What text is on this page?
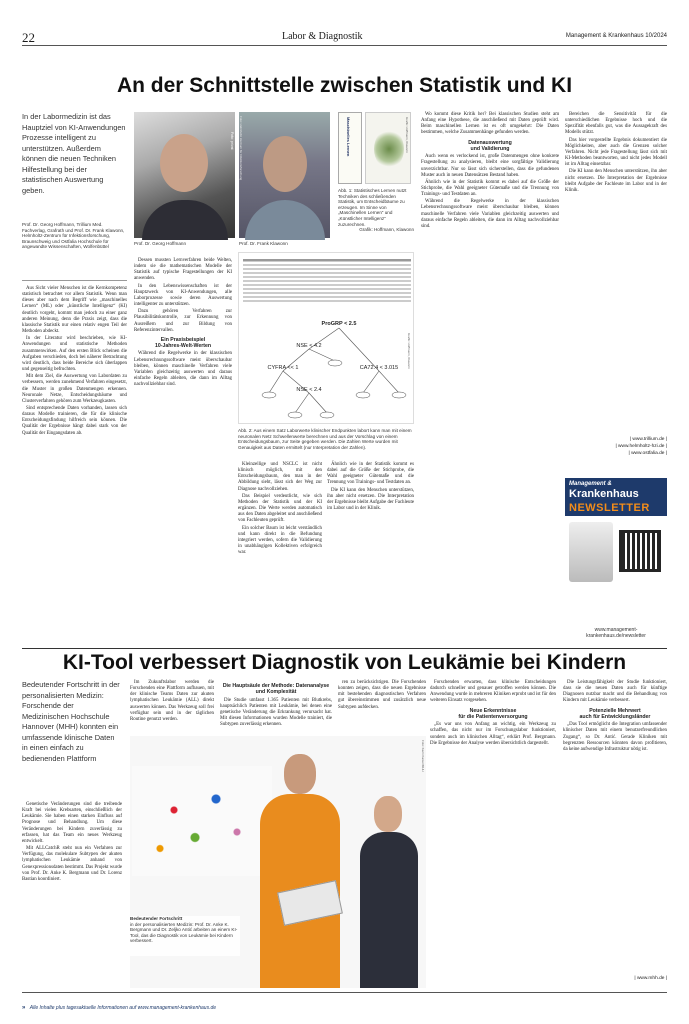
22	Labor & Diagnostik	Management & Krankenhaus 10/2024
An der Schnittstelle zwischen Statistik und KI
In der Labormedizin ist das Hauptziel von KI-Anwendungen Prozesse intelligent zu unterstützen. Außerdem können die neuen Techniken Hilfestellung bei der statistischen Auswertung geben.
Prof. Dr. Georg Hoffmann, Trillium Med. Fachverlag, Grafrath und Prof. Dr. Frank Klawonn, Helmholtz-Zentrum für Infektionsforschung, Braunschweig und Ostfalia Hochschule für angewandte Wissenschaften, Wolfenbüttel

Aus Sicht vieler Menschen ist die Kernkompetenz statistisch betrachtet vor allem Statistik. Wenn man dieses aber nach dem Begriff wie „maschinelles Lernen“ (ML) oder „künstliche Intelligenz“ (KI) deutlich vorgeht, kommt man jedoch zu einer ganz anderen Meinung, denn die Praxis zeigt, dass die klassische Statistik nur einen relativ engen Teil der Methoden abdeckt.

In der Literatur wird beschrieben, wie KI-Anwendungen und statistische Methoden zusammenwirken. Auf den ersten Blick scheinen die Aufgaben verschieden, doch bei näherer Betrachtung wird deutlich, dass beide Bereiche sich überlappen und gegenseitig befruchten.

Mit dem Ziel, die Auswertung von Labordaten zu verbessern, werden zunehmend Verfahren eingesetzt, die Muster in großen Datenmengen erkennen. Neuronale Netze, Entscheidungsbäume und Clusterverfahren gehören zum Werkzeugkasten.

Sind entsprechende Daten vorhanden, lassen sich daraus Modelle trainieren, die für die klinische Entscheidungsfindung hilfreich sein können. Die Qualität der Ergebnisse hängt dabei stark von der Qualität der Eingangsdaten ab.

Foto: privat
Prof. Dr. Georg Hoffmann
Foto: Helmholtz Zentrum für Infektionsforschung
Prof. Dr. Frank Klawonn
Maschinelles Lernen	Grafik: Hoffmann, Klawonn
Abb. 1: Statistisches Lernen nutzt Techniken des schließenden Statistik, um Entscheidbäume zu erzeugen. Im Sinne von „Maschinellen Lernen“ und „Künstlicher Intelligenz“ zuzurechnen.
Grafik: Hoffmann, Klawonn
ProGRP < 2.5
NSE < 4.2
CYFRA << 1	CA72.4 < 3.015
NSE < 2.4
Grafik: Hoffmann, Klawonn
Abb. 2: Aus einem Satz Laborwerte klinischer Endpunkten labort kann man mit einem neuronalen Netz Schwellenwerte berechnen und aus der Vorschlag von einem Entscheidungsbaum, zur Seite gegeben werden. Die Zahlen Werte wurden mit Genauigkeit aus Daten ermittelt (nur Interpretation der Zahlen).

Dessen mussten Lernverfahren beide Welten, indem sie die mathematischen Modelle der Statistik auf typische Fragestellungen der KI anwenden.

In den Lebenswissenschaften ist der Hauptzweck von KI-Anwendungen, alle Laborprozesse sowie deren Auswertung intelligenter zu unterstützen.

Dazu gehören Verfahren zur Plausibilitätskontrolle, zur Erkennung von Ausreißern und zur Bildung von Referenzintervallen.

Ein Praxisbeispiel
10-Jahres-Welt-Werten

Während die Regelwerke in der klassischen Lebensrechnungssoftware meist überschaubar bleiben, können maschinelle Verfahren viele Variablen gleichzeitig auswerten und daraus einfache Regeln ableiten, die dann im Alltag nachvollziehbar sind.

Kleinzellige und NSCLC ist nicht klinisch möglich, mit den Entscheidungsbaum, den man in der Abbildung sieht, lässt sich der Weg zur Diagnose nachvollziehen.

Das Beispiel verdeutlicht, wie sich Methoden der Statistik und der KI ergänzen. Die Werte werden automatisch aus den Daten abgeleitet und anschließend von Fachleuten geprüft.

Ein solcher Baum ist leicht verständlich und kann direkt in die Befundung integriert werden, sofern die Validierung in unabhängigen Kollektiven erfolgreich war.

Ähnlich wie in der Statistik kommt es dabei auf die Größe der Stichprobe, die Wahl geeigneter Gütemaße und die Trennung von Trainings- und Testdaten an.

Die KI kann den Menschen unterstützen, ihn aber nicht ersetzen. Die Interpretation der Ergebnisse bleibt Aufgabe der Fachleute im Labor und in der Klinik.

Wo kommt diese Kritik her? Bei klassischen Studien steht am Anfang eine Hypothese, die anschließend mit Daten geprüft wird. Beim maschinellen Lernen ist es oft umgekehrt: Die Daten bestimmen, welche Zusammenhänge gefunden werden.

Datenauswertung
und Validierung

Auch wenn es verlockend ist, große Datenmengen ohne konkrete Fragestellung zu analysieren, bleibt eine sorgfältige Validierung unverzichtbar. Nur so lässt sich sicherstellen, dass die gefundenen Muster auch in neuen Datensätzen Bestand haben.

Ähnlich wie in der Statistik kommt es dabei auf die Größe der Stichprobe, die Wahl geeigneter Gütemaße und die Trennung von Trainings- und Testdaten an.

Während die Regelwerke in der klassischen Lebensrechnungssoftware meist überschaubar bleiben, können maschinelle Verfahren viele Variablen gleichzeitig auswerten und daraus einfache Regeln ableiten, die dann im Alltag nachvollziehbar sind.

Bereichen die Sensitivität für die unterschiedlichen Ergebnisse hoch und die Spezifität ebenfalls gut, was die Aussagekraft des Modells stützt.

Das hier vorgestellte Ergebnis dokumentiert die Möglichkeiten, aber auch die Grenzen solcher Verfahren. Nicht jede Fragestellung lässt sich mit KI-Methoden beantworten, und nicht jedes Modell ist im Alltag einsetzbar.

Die KI kann den Menschen unterstützen, ihn aber nicht ersetzen. Die Interpretation der Ergebnisse bleibt Aufgabe der Fachleute im Labor und in der Klinik.

| www.trillium.de |
| www.helmholtz-hzi.de |
| www.ostfalia.de |
Management &
Krankenhaus
NEWSLETTER
www.management-krankenhaus.de/newsletter
KI-Tool verbessert Diagnostik von Leukämie bei Kindern
Bedeutender Fortschritt in der personalisierten Medizin: Forschende der Medizinischen Hochschule Hannover (MHH) konnten ein umfassende klinische Daten in einen einfach zu bedienenden Plattform

Genetische Veränderungen sind die treibende Kraft bei vielen Krebsarten, einschließlich der Leukämie. Sie haben einen starken Einfluss auf Prognose und Behandlung. Um diese Veränderungen bei Kindern zuverlässig zu erfassen, hat das Team ein neues Werkzeug entwickelt.

Mit ALLCatchR steht nun ein Verfahren zur Verfügung, das molekulare Subtypen der akuten lymphatischen Leukämie anhand von Genexpressionsdaten bestimmt. Das Projekt wurde von Prof. Dr. Anke K. Bergmann und Dr. Lorenz Bastian koordiniert.

Im Zukunftslabor werden die Forschenden eine Plattform aufbauen, mit der klinische Teams Daten zur akuten lymphatischen Leukämie (ALL) direkt auswerten können. Das Werkzeug soll frei verfügbar sein und in der täglichen Routine genutzt werden.

Die Hauptsäule der Methode: Datenanalyse und Komplexität

Die Studie umfasst 1.365 Patienten mit Blutkrebs, hauptsächlich Patienten mit Leukämie, bei denen eine genetische Veränderung die Erkrankung verursacht hat. Mit diesen Informationen wurden Modelle trainiert, die Subtypen zuverlässig erkennen.

ren zu berücksichtigen. Die Forschenden konnten zeigen, dass die neuen Ergebnisse mit bestehenden diagnostischen Verfahren gut übereinstimmen und zusätzlich neue Subtypen aufdecken.

Foto: Karin Kaiser/MHH
Bedeutender Fortschritt
in der personalisierten Medizin: Prof. Dr. Anke K. Bergmann und Dr. Zeljko Antić arbeiten an einem KI-Tool, das die Diagnostik von Leukämie bei Kindern verbessert.

Forschenden erwarten, dass klinische Entscheidungen dadurch schneller und genauer getroffen werden können. Die Anwendung wurde in mehreren Kliniken erprobt und ist für den weiteren Einsatz vorgesehen.

Neue Erkenntnisse
für die Patientenversorgung

„Es war uns von Anfang an wichtig, ein Werkzeug zu schaffen, das nicht nur im Forschungslabor funktioniert, sondern auch im klinischen Alltag“, erklärt Prof. Bergmann. Die Ergebnisse der Analyse werden übersichtlich dargestellt.

Die Leistungsfähigkeit der Studie funktioniert, dass sie die neuen Daten auch für künftige Diagnosen nutzbar macht und die Behandlung von Kindern mit Leukämie verbessert.

Potenzielle Mehrwert
auch für Entwicklungsländer

„Das Tool ermöglicht die Integration umfassender klinischer Daten mit einem benutzerfreundlichen Zugang“, so Dr. Antić. Gerade Kliniken mit begrenzten Ressourcen könnten davon profitieren, da keine aufwendige Infrastruktur nötig ist.

| www.mhh.de |
» Alle Inhalte plus tagesaktuelle Informationen auf www.management-krankenhaus.de
